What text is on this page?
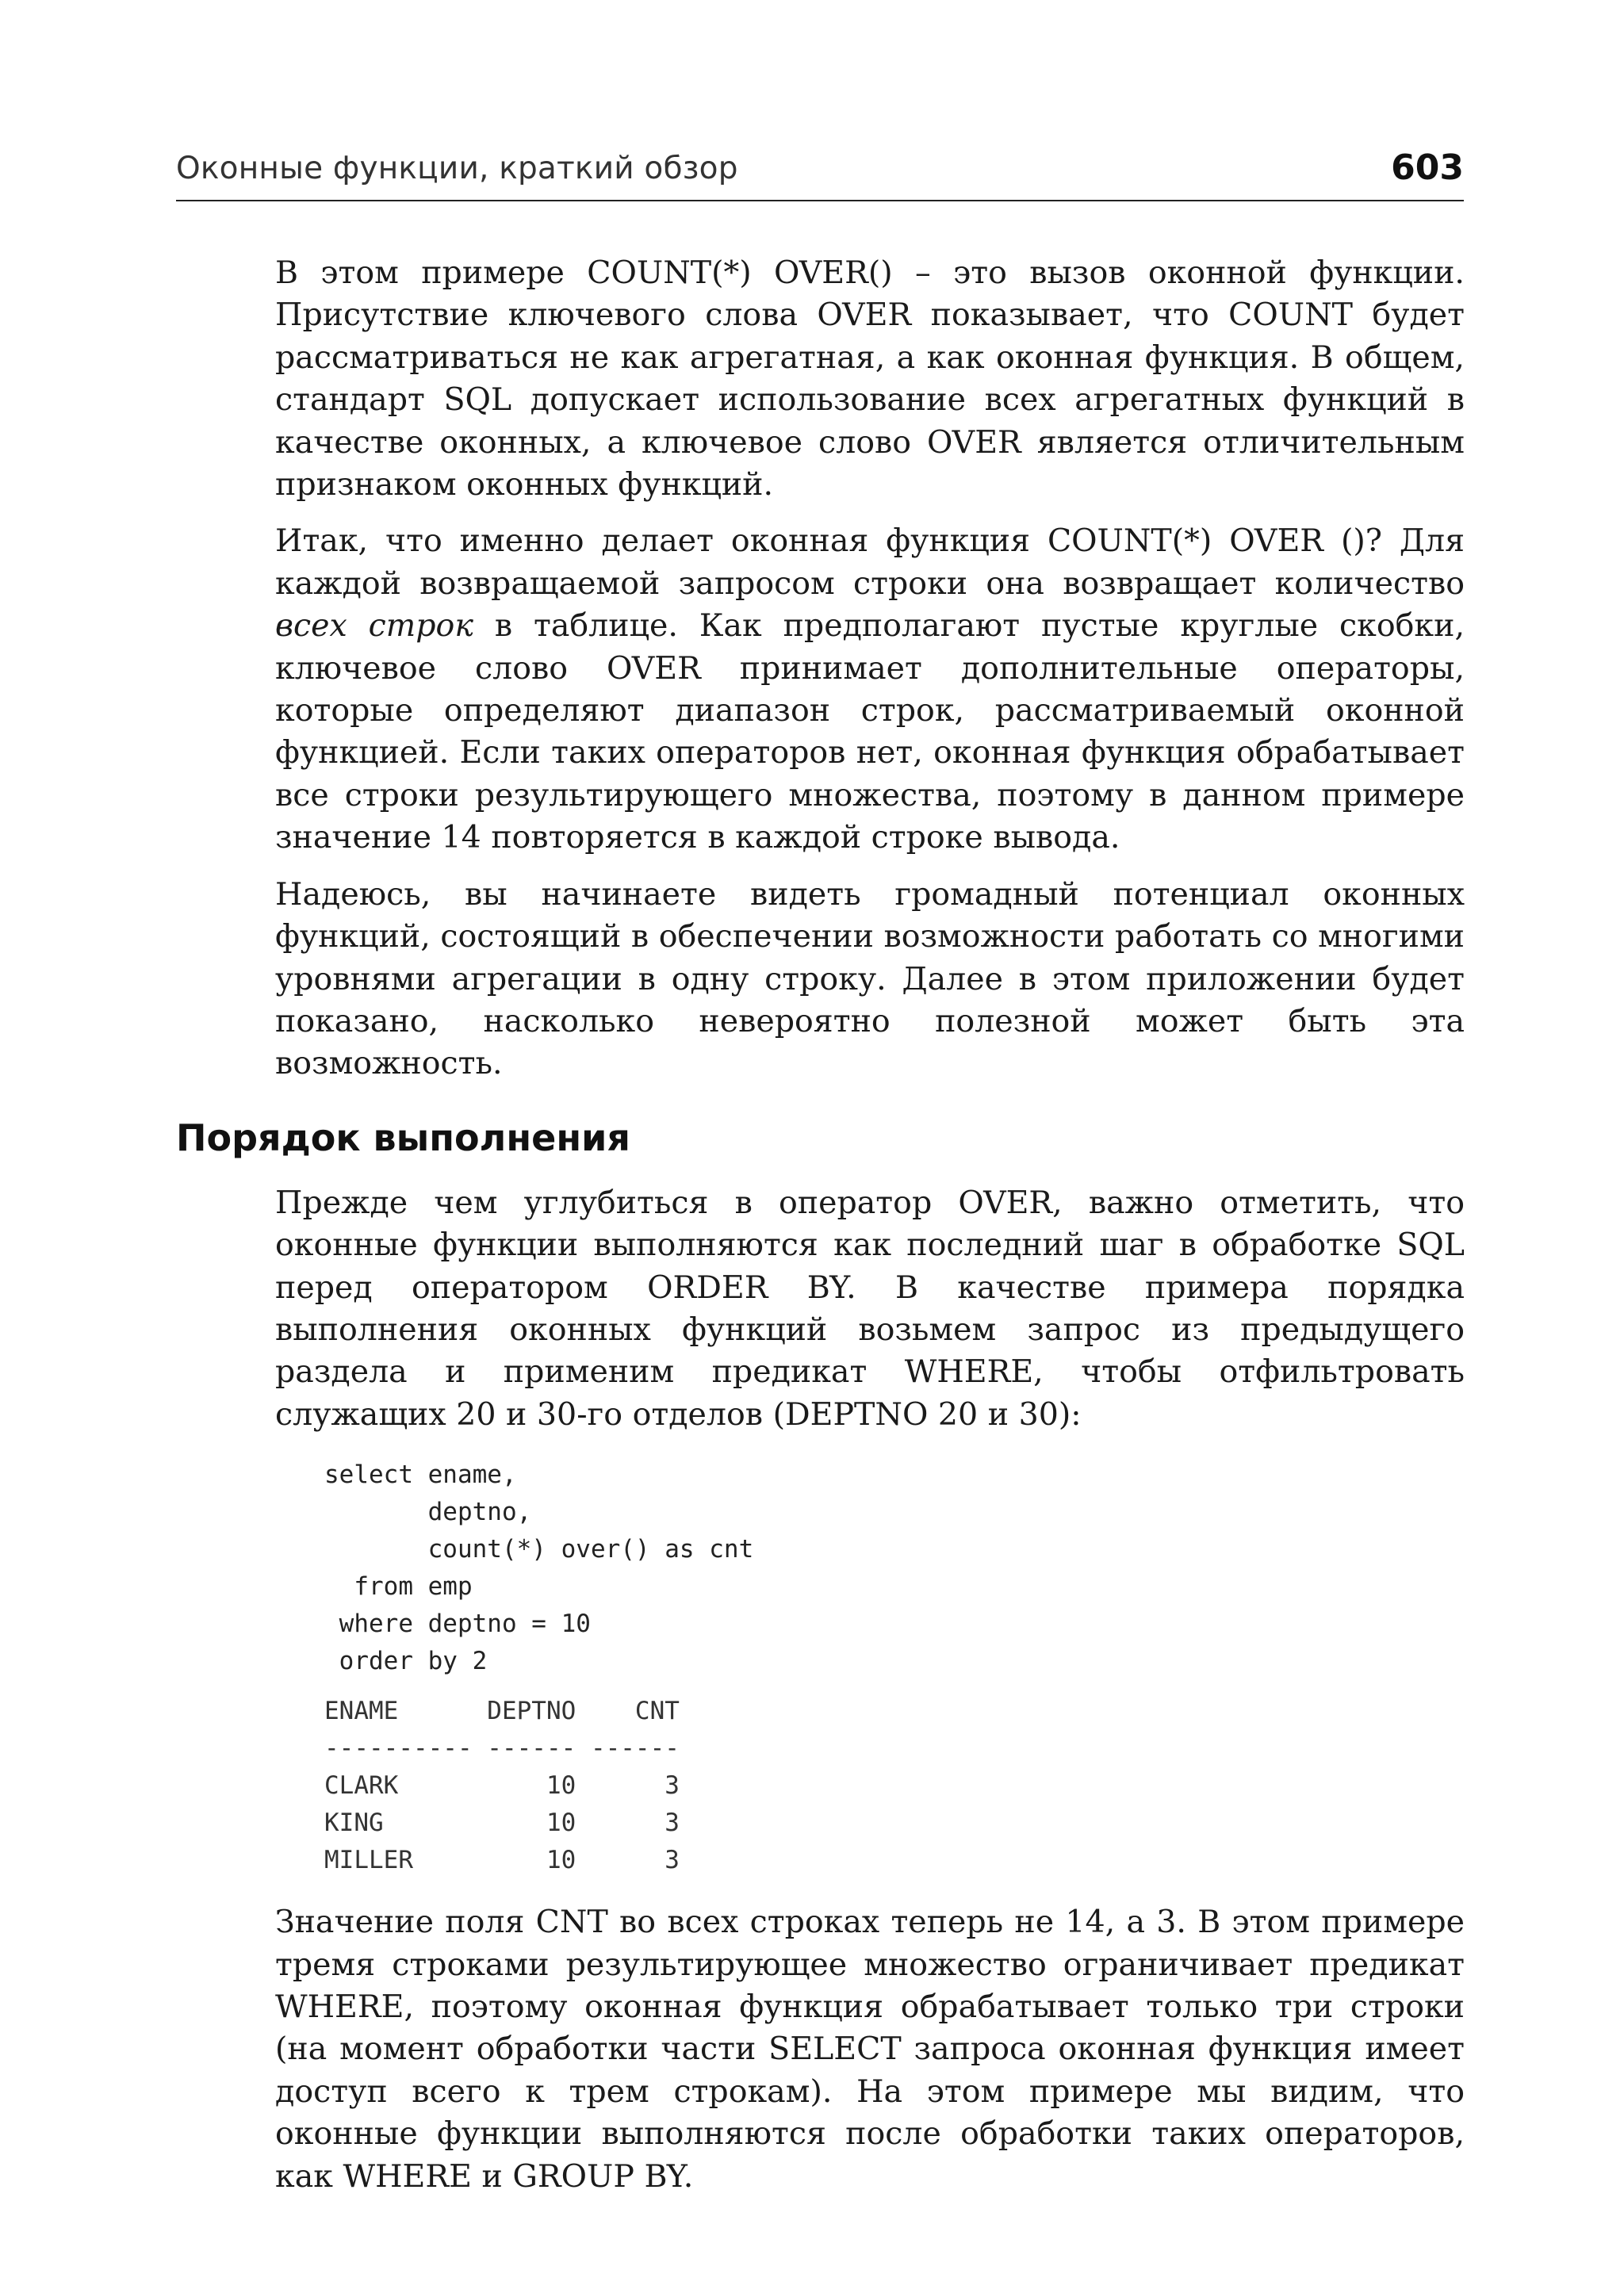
Оконные функции, краткий обзор	603

В этом примере COUNT(*) OVER() – это вызов оконной функции. Присутствие ключевого слова OVER показывает, что COUNT будет рассматриваться не как агрегатная, а как оконная функция. В общем, стандарт SQL допускает использование всех агрегатных функций в качестве оконных, а ключевое слово OVER является отличительным признаком оконных функций.

Итак, что именно делает оконная функция COUNT(*) OVER ()? Для каждой возвращаемой запросом строки она возвращает количество всех строк в таблице. Как предполагают пустые круглые скобки, ключевое слово OVER принимает дополнительные операторы, которые определяют диапазон строк, рассматриваемый оконной функцией. Если таких операторов нет, оконная функция обрабатывает все строки результирующего множества, поэтому в данном примере значение 14 повторяется в каждой строке вывода.

Надеюсь, вы начинаете видеть громадный потенциал оконных функций, состоящий в обеспечении возможности работать со многими уровнями агрегации в одну строку. Далее в этом приложении будет показано, насколько невероятно полезной может быть эта возможность.

Порядок выполнения

Прежде чем углубиться в оператор OVER, важно отметить, что оконные функции выполняются как последний шаг в обработке SQL перед оператором ORDER BY. В качестве примера порядка выполнения оконных функций возьмем запрос из предыдущего раздела и применим предикат WHERE, чтобы отфильтровать служащих 20 и 30-го отделов (DEPTNO 20 и 30):

select ename,
deptno,
count(*) over() as cnt
from emp
where deptno = 10
order by 2
ENAME      DEPTNO    CNT
---------- ------ ------
CLARK          10      3
KING           10      3
MILLER         10      3

Значение поля CNT во всех строках теперь не 14, а 3. В этом примере тремя строками результирующее множество ограничивает предикат WHERE, поэтому оконная функция обрабатывает только три строки (на момент обработки части SELECT запроса оконная функция имеет доступ всего к трем строкам). На этом примере мы видим, что оконные функции выполняются после обработки таких операторов, как WHERE и GROUP BY.
